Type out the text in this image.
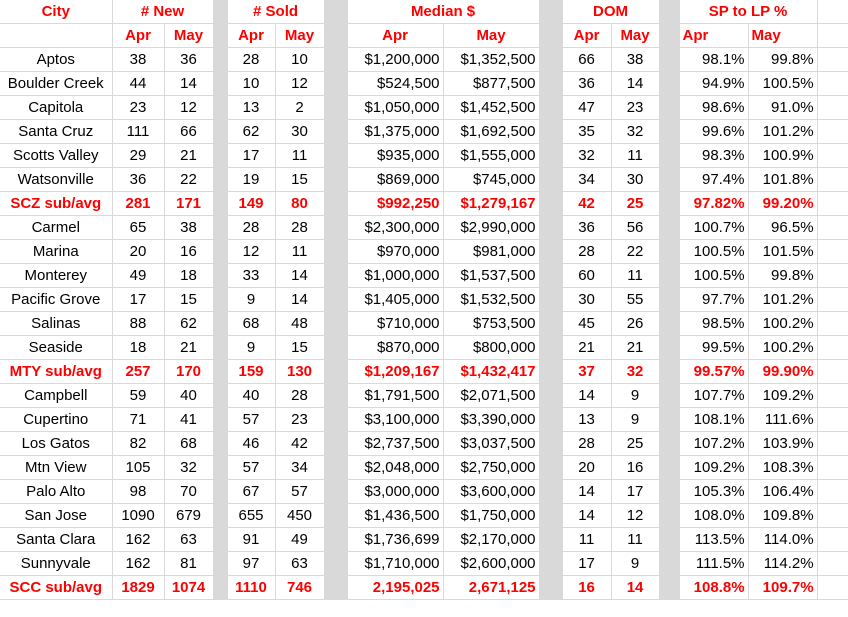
City	# New			# Sold			Median $			DOM			SP to LP %		
	Apr	May		Apr	May		Apr	May		Apr	May		Apr	May	
Aptos	38	36		28	10		$1,200,000	$1,352,500		66	38		98.1%	99.8%	
Boulder Creek	44	14		10	12		$524,500	$877,500		36	14		94.9%	100.5%	
Capitola	23	12		13	2		$1,050,000	$1,452,500		47	23		98.6%	91.0%	
Santa Cruz	111	66		62	30		$1,375,000	$1,692,500		35	32		99.6%	101.2%	
Scotts Valley	29	21		17	11		$935,000	$1,555,000		32	11		98.3%	100.9%	
Watsonville	36	22		19	15		$869,000	$745,000		34	30		97.4%	101.8%	
SCZ sub/avg	281	171		149	80		$992,250	$1,279,167		42	25		97.82%	99.20%	
Carmel	65	38		28	28		$2,300,000	$2,990,000		36	56		100.7%	96.5%	
Marina	20	16		12	11		$970,000	$981,000		28	22		100.5%	101.5%	
Monterey	49	18		33	14		$1,000,000	$1,537,500		60	11		100.5%	99.8%	
Pacific Grove	17	15		9	14		$1,405,000	$1,532,500		30	55		97.7%	101.2%	
Salinas	88	62		68	48		$710,000	$753,500		45	26		98.5%	100.2%	
Seaside	18	21		9	15		$870,000	$800,000		21	21		99.5%	100.2%	
MTY sub/avg	257	170		159	130		$1,209,167	$1,432,417		37	32		99.57%	99.90%	
Campbell	59	40		40	28		$1,791,500	$2,071,500		14	9		107.7%	109.2%	
Cupertino	71	41		57	23		$3,100,000	$3,390,000		13	9		108.1%	111.6%	
Los Gatos	82	68		46	42		$2,737,500	$3,037,500		28	25		107.2%	103.9%	
Mtn View	105	32		57	34		$2,048,000	$2,750,000		20	16		109.2%	108.3%	
Palo Alto	98	70		67	57		$3,000,000	$3,600,000		14	17		105.3%	106.4%	
San Jose	1090	679		655	450		$1,436,500	$1,750,000		14	12		108.0%	109.8%	
Santa Clara	162	63		91	49		$1,736,699	$2,170,000		11	11		113.5%	114.0%	
Sunnyvale	162	81		97	63		$1,710,000	$2,600,000		17	9		111.5%	114.2%	
SCC sub/avg	1829	1074		1110	746		2,195,025	2,671,125		16	14		108.8%	109.7%	
